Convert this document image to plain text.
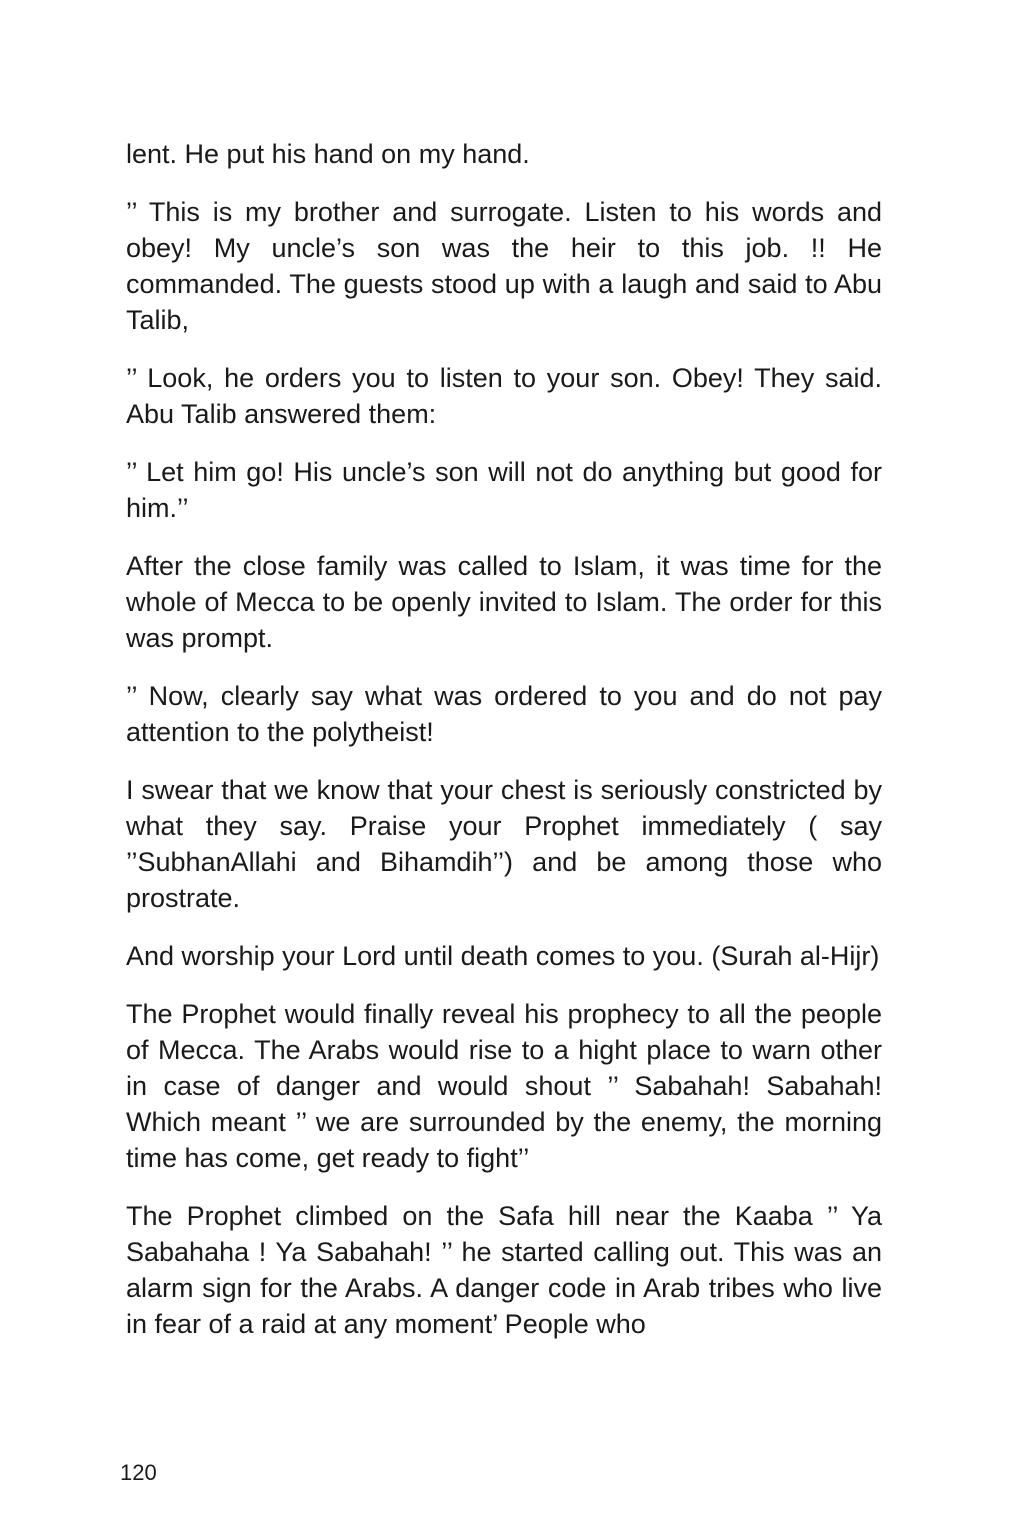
lent. He put his hand on my hand.

’’ This is my brother and surrogate. Listen to his words and obey! My uncle’s son was the heir to this job. !! He commanded. The guests stood up with a laugh and said to Abu Talib,

’’ Look, he orders you to listen to your son. Obey! They said. Abu Talib answered them:

’’ Let him go! His uncle’s son will not do anything but good for him.’’

After the close family was called to Islam, it was time for the whole of Mecca to be openly invited to Islam. The order for this was prompt.

’’ Now, clearly say what was ordered to you and do not pay attention to the polytheist!

I swear that we know that your chest is seriously constricted by what they say. Praise your Prophet immediately ( say ’’SubhanAllahi and Bihamdih’’) and be among those who prostrate.

And worship your Lord until death comes to you. (Surah al-Hijr)

The Prophet would finally reveal his prophecy to all the people of Mecca. The Arabs would rise to a hight place to warn other in case of danger and would shout ’’ Sabahah! Sabahah! Which meant ’’ we are surrounded by the enemy, the morning time has come, get ready to fight’’

The Prophet climbed on the Safa hill near the Kaaba ’’ Ya Sabahaha ! Ya Sabahah! ’’ he started calling out. This was an alarm sign for the Arabs. A danger code in Arab tribes who live in fear of a raid at any moment’ People who

120
